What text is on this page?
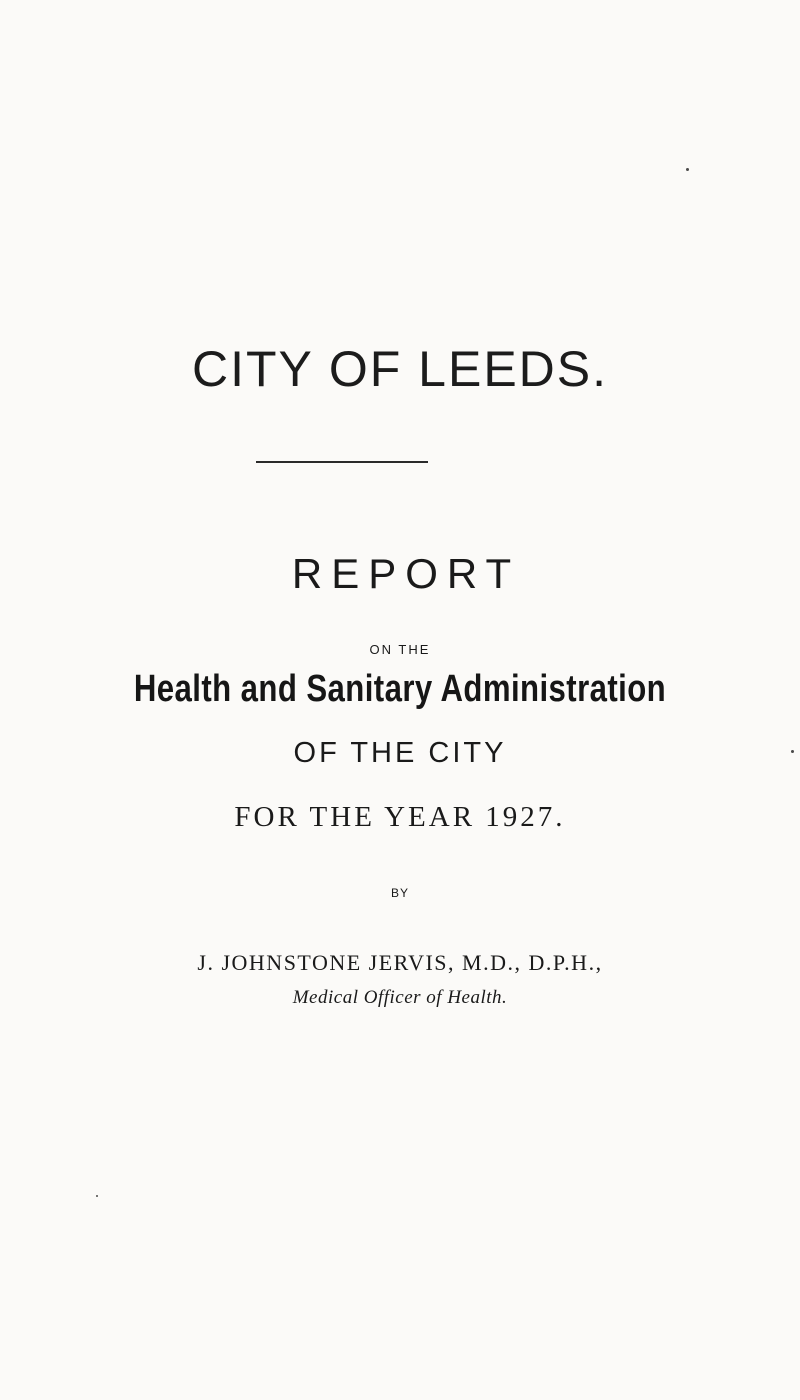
CITY OF LEEDS.
REPORT
ON THE
Health and Sanitary Administration
OF THE CITY
FOR THE YEAR 1927.
BY
J. JOHNSTONE JERVIS, M.D., D.P.H.,
Medical Officer of Health.
